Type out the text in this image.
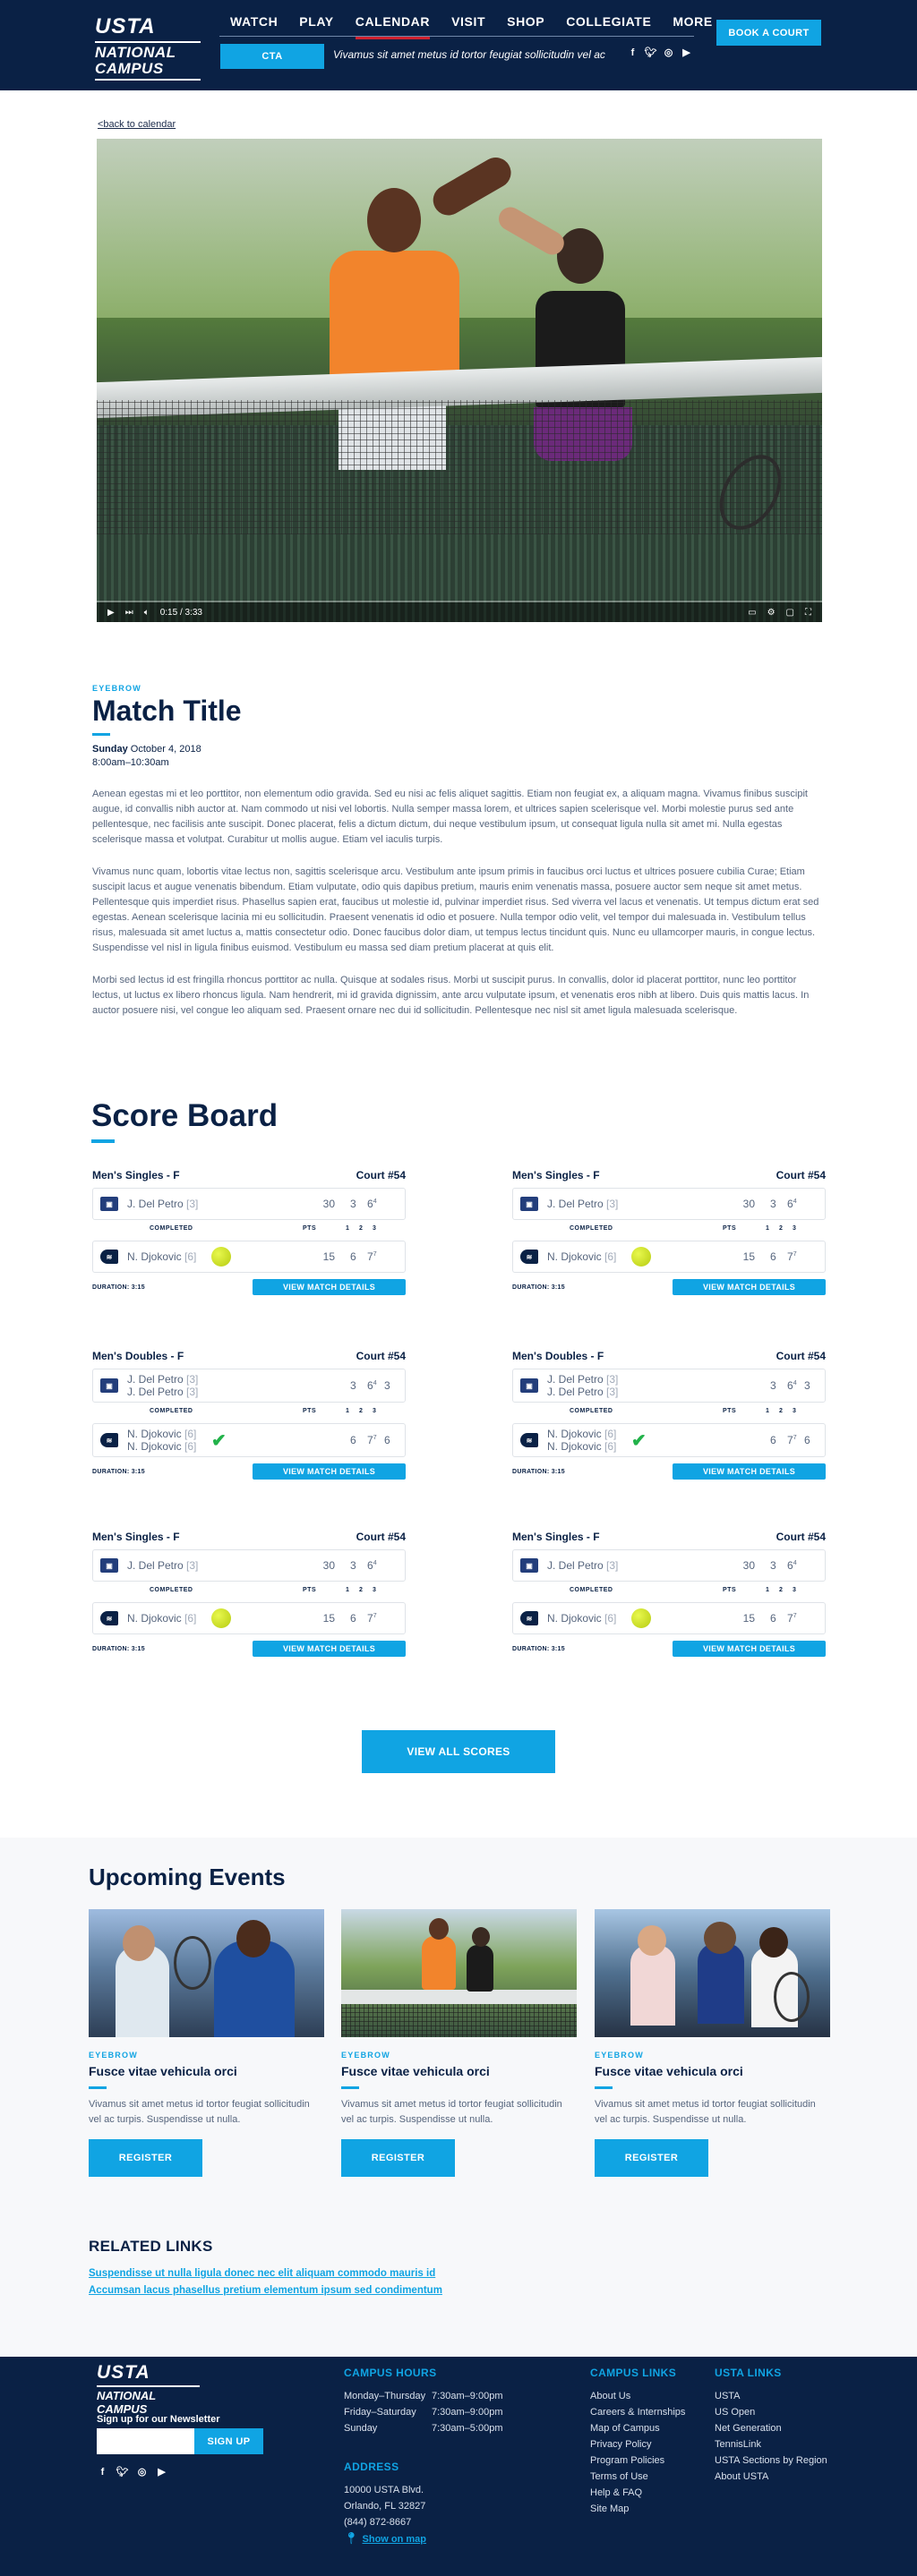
USTA
NATIONAL CAMPUS
WATCH	PLAY	CALENDAR	VISIT	SHOP	COLLEGIATE	MORE
CTA	Vivamus sit amet metus id tortor feugiat sollicitudin vel ac	f	🐦︎ ◎ ▶
BOOK A COURT
<back to calendar
▶ ⏭ 🔈︎ 0:15 / 3:33	▭ ⚙ ▢ ⛶
EYEBROW
Match Title
Sunday October 4, 2018
8:00am–10:30am

Aenean egestas mi et leo porttitor, non elementum odio gravida. Sed eu nisi ac felis aliquet sagittis. Etiam non feugiat ex, a aliquam magna. Vivamus finibus suscipit augue, id convallis nibh auctor at. Nam commodo ut nisi vel lobortis. Nulla semper massa lorem, et ultrices sapien scelerisque vel. Morbi molestie purus sed ante pellentesque, nec facilisis ante suscipit. Donec placerat, felis a dictum dictum, dui neque vestibulum ipsum, ut consequat ligula nulla sit amet mi. Nulla egestas scelerisque massa et volutpat. Curabitur ut mollis augue. Etiam vel iaculis turpis.

Vivamus nunc quam, lobortis vitae lectus non, sagittis scelerisque arcu. Vestibulum ante ipsum primis in faucibus orci luctus et ultrices posuere cubilia Curae; Etiam suscipit lacus et augue venenatis bibendum. Etiam vulputate, odio quis dapibus pretium, mauris enim venenatis massa, posuere auctor sem neque sit amet metus. Pellentesque quis imperdiet risus. Phasellus sapien erat, faucibus ut molestie id, pulvinar imperdiet risus. Sed viverra vel lacus et venenatis. Ut tempus dictum erat sed egestas. Aenean scelerisque lacinia mi eu sollicitudin. Praesent venenatis id odio et posuere. Nulla tempor odio velit, vel tempor dui malesuada in. Vestibulum tellus risus, malesuada sit amet luctus a, mattis consectetur odio. Donec faucibus dolor diam, ut tempus lectus tincidunt quis. Nunc eu ullamcorper mauris, in congue lectus. Suspendisse vel nisl in ligula finibus euismod. Vestibulum eu massa sed diam pretium placerat at quis elit.

Morbi sed lectus id est fringilla rhoncus porttitor ac nulla. Quisque at sodales risus. Morbi ut suscipit purus. In convallis, dolor id placerat porttitor, nunc leo porttitor lectus, ut luctus ex libero rhoncus ligula. Nam hendrerit, mi id gravida dignissim, ante arcu vulputate ipsum, et venenatis eros nibh at libero. Duis quis mattis lacus. In auctor posuere nisi, vel congue leo aliquam sed. Praesent ornare nec dui id sollicitudin. Pellentesque nec nisl sit amet ligula malesuada scelerisque.

Score Board
Men's Singles - F	Court #54
▣	J. Del Petro [3]	30 3 $6^4$
COMPLETED	PTS	1 2 3
≋	N. Djokovic [6]	15 6 $7^7$
DURATION: 3:15	VIEW MATCH DETAILS
Men's Singles - F	Court #54
▣	J. Del Petro [3]	30 3 $6^4$
COMPLETED	PTS	1 2 3
≋	N. Djokovic [6]	15 6 $7^7$
DURATION: 3:15	VIEW MATCH DETAILS
Men's Doubles - F	Court #54
▣	J. Del Petro [3]
J. Del Petro [3]	3 $6^4$ 3
COMPLETED	PTS	1 2 3
≋	N. Djokovic [6]
N. Djokovic [6] ✔	6 $7^7$ 6
DURATION: 3:15	VIEW MATCH DETAILS
Men's Doubles - F	Court #54
▣	J. Del Petro [3]
J. Del Petro [3]	3 $6^4$ 3
COMPLETED	PTS	1 2 3
≋	N. Djokovic [6]
N. Djokovic [6] ✔	6 $7^7$ 6
DURATION: 3:15	VIEW MATCH DETAILS
Men's Singles - F	Court #54
▣	J. Del Petro [3]	30 3 $6^4$
COMPLETED	PTS	1 2 3
≋	N. Djokovic [6]	15 6 $7^7$
DURATION: 3:15	VIEW MATCH DETAILS
Men's Singles - F	Court #54
▣	J. Del Petro [3]	30 3 $6^4$
COMPLETED	PTS	1 2 3
≋	N. Djokovic [6]	15 6 $7^7$
DURATION: 3:15	VIEW MATCH DETAILS
VIEW ALL SCORES
Upcoming Events
EYEBROW
Fusce vitae vehicula orci
Vivamus sit amet metus id tortor feugiat sollicitudin vel ac turpis. Suspendisse ut nulla.
REGISTER
EYEBROW
Fusce vitae vehicula orci
Vivamus sit amet metus id tortor feugiat sollicitudin vel ac turpis. Suspendisse ut nulla.
REGISTER
EYEBROW
Fusce vitae vehicula orci
Vivamus sit amet metus id tortor feugiat sollicitudin vel ac turpis. Suspendisse ut nulla.
REGISTER
RELATED LINKS
Suspendisse ut nulla ligula donec nec elit aliquam commodo mauris id
Accumsan lacus phasellus pretium elementum ipsum sed condimentum
USTA
NATIONAL CAMPUS
Sign up for our Newsletter
SIGN UP
f	🐦︎ ◎ ▶
CAMPUS HOURS
Monday–Thursday 7:30am–9:00pm
Friday–Saturday	7:30am–9:00pm
Sunday	7:30am–5:00pm
ADDRESS
10000 USTA Blvd.
Orlando, FL 32827
(844) 872-8667
📍︎ Show on map
CAMPUS LINKS
About Us
Careers & Internships
Map of Campus
Privacy Policy
Program Policies
Terms of Use
Help & FAQ
Site Map
USTA LINKS
USTA
US Open
Net Generation
TennisLink
USTA Sections by Region
About USTA
